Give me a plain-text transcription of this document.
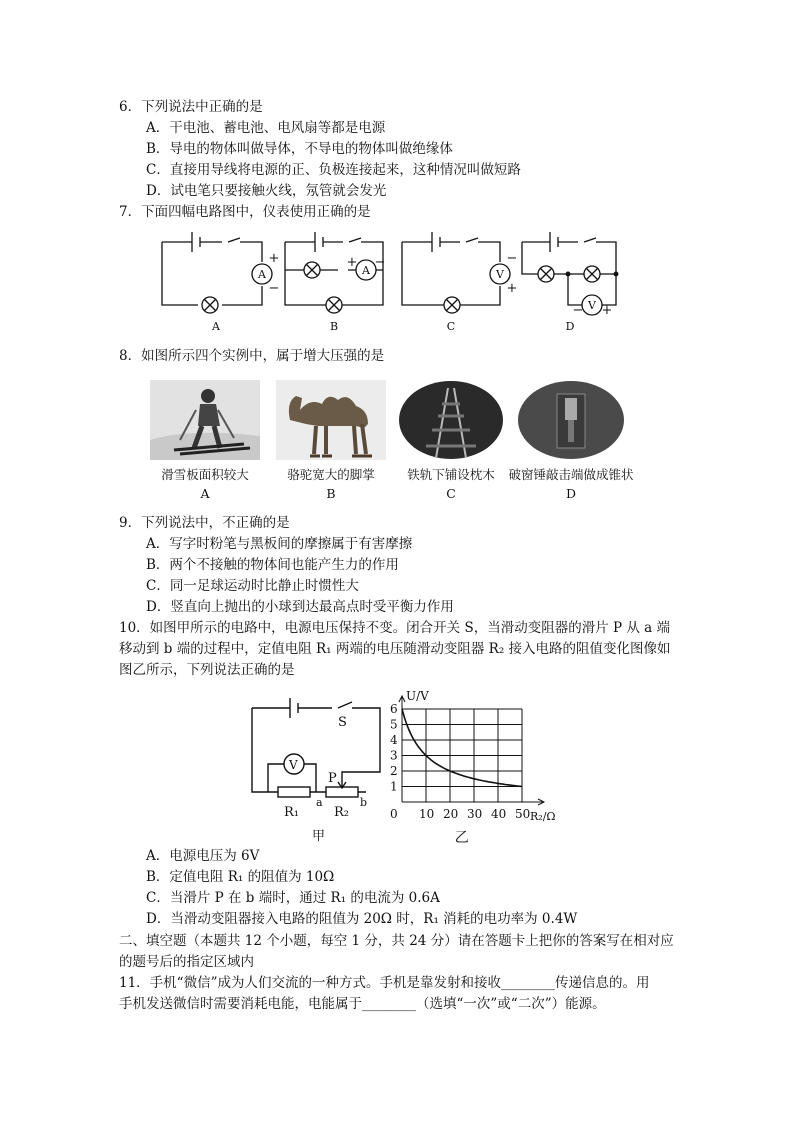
6．下列说法中正确的是
A．干电池、蓄电池、电风扇等都是电源
B．导电的物体叫做导体，不导电的物体叫做绝缘体
C．直接用导线将电源的正、负极连接起来，这种情况叫做短路
D．试电笔只要接触火线，氖管就会发光
7．下面四幅电路图中，仪表使用正确的是
A	A	V
V
+
−
+ −	−
+
− +
A	B	C	D
8．如图所示四个实例中，属于增大压强的是
滑雪板面积较大	骆驼宽大的脚掌	铁轨下铺设枕木	破窗锤敲击端做成锥状
A	B	C	D
9．下列说法中，不正确的是
A．写字时粉笔与黑板间的摩擦属于有害摩擦
B．两个不接触的物体间也能产生力的作用
C．同一足球运动时比静止时惯性大
D．竖直向上抛出的小球到达最高点时受平衡力作用
10．如图甲所示的电路中，电源电压保持不变。闭合开关 S，当滑动变阻器的滑片 P 从 a 端
移动到 b 端的过程中，定值电阻 R₁ 两端的电压随滑动变阻器 R₂ 接入电路的阻值变化图像如
图乙所示，下列说法正确的是
V
S
P
R₁	R₂
a	b
甲
6
5
4
3
2
1
10 20 30 40 50
0
U/V
R₂/Ω
乙
A．电源电压为 6V
B．定值电阻 R₁ 的阻值为 10Ω
C．当滑片 P 在 b 端时，通过 R₁ 的电流为 0.6A
D．当滑动变阻器接入电路的阻值为 20Ω 时，R₁ 消耗的电功率为 0.4W
二、填空题（本题共 12 个小题，每空 1 分，共 24 分）请在答题卡上把你的答案写在相对应
的题号后的指定区域内
11．手机“微信”成为人们交流的一种方式。手机是靠发射和接收________传递信息的。用
手机发送微信时需要消耗电能，电能属于________（选填“一次”或“二次”）能源。
